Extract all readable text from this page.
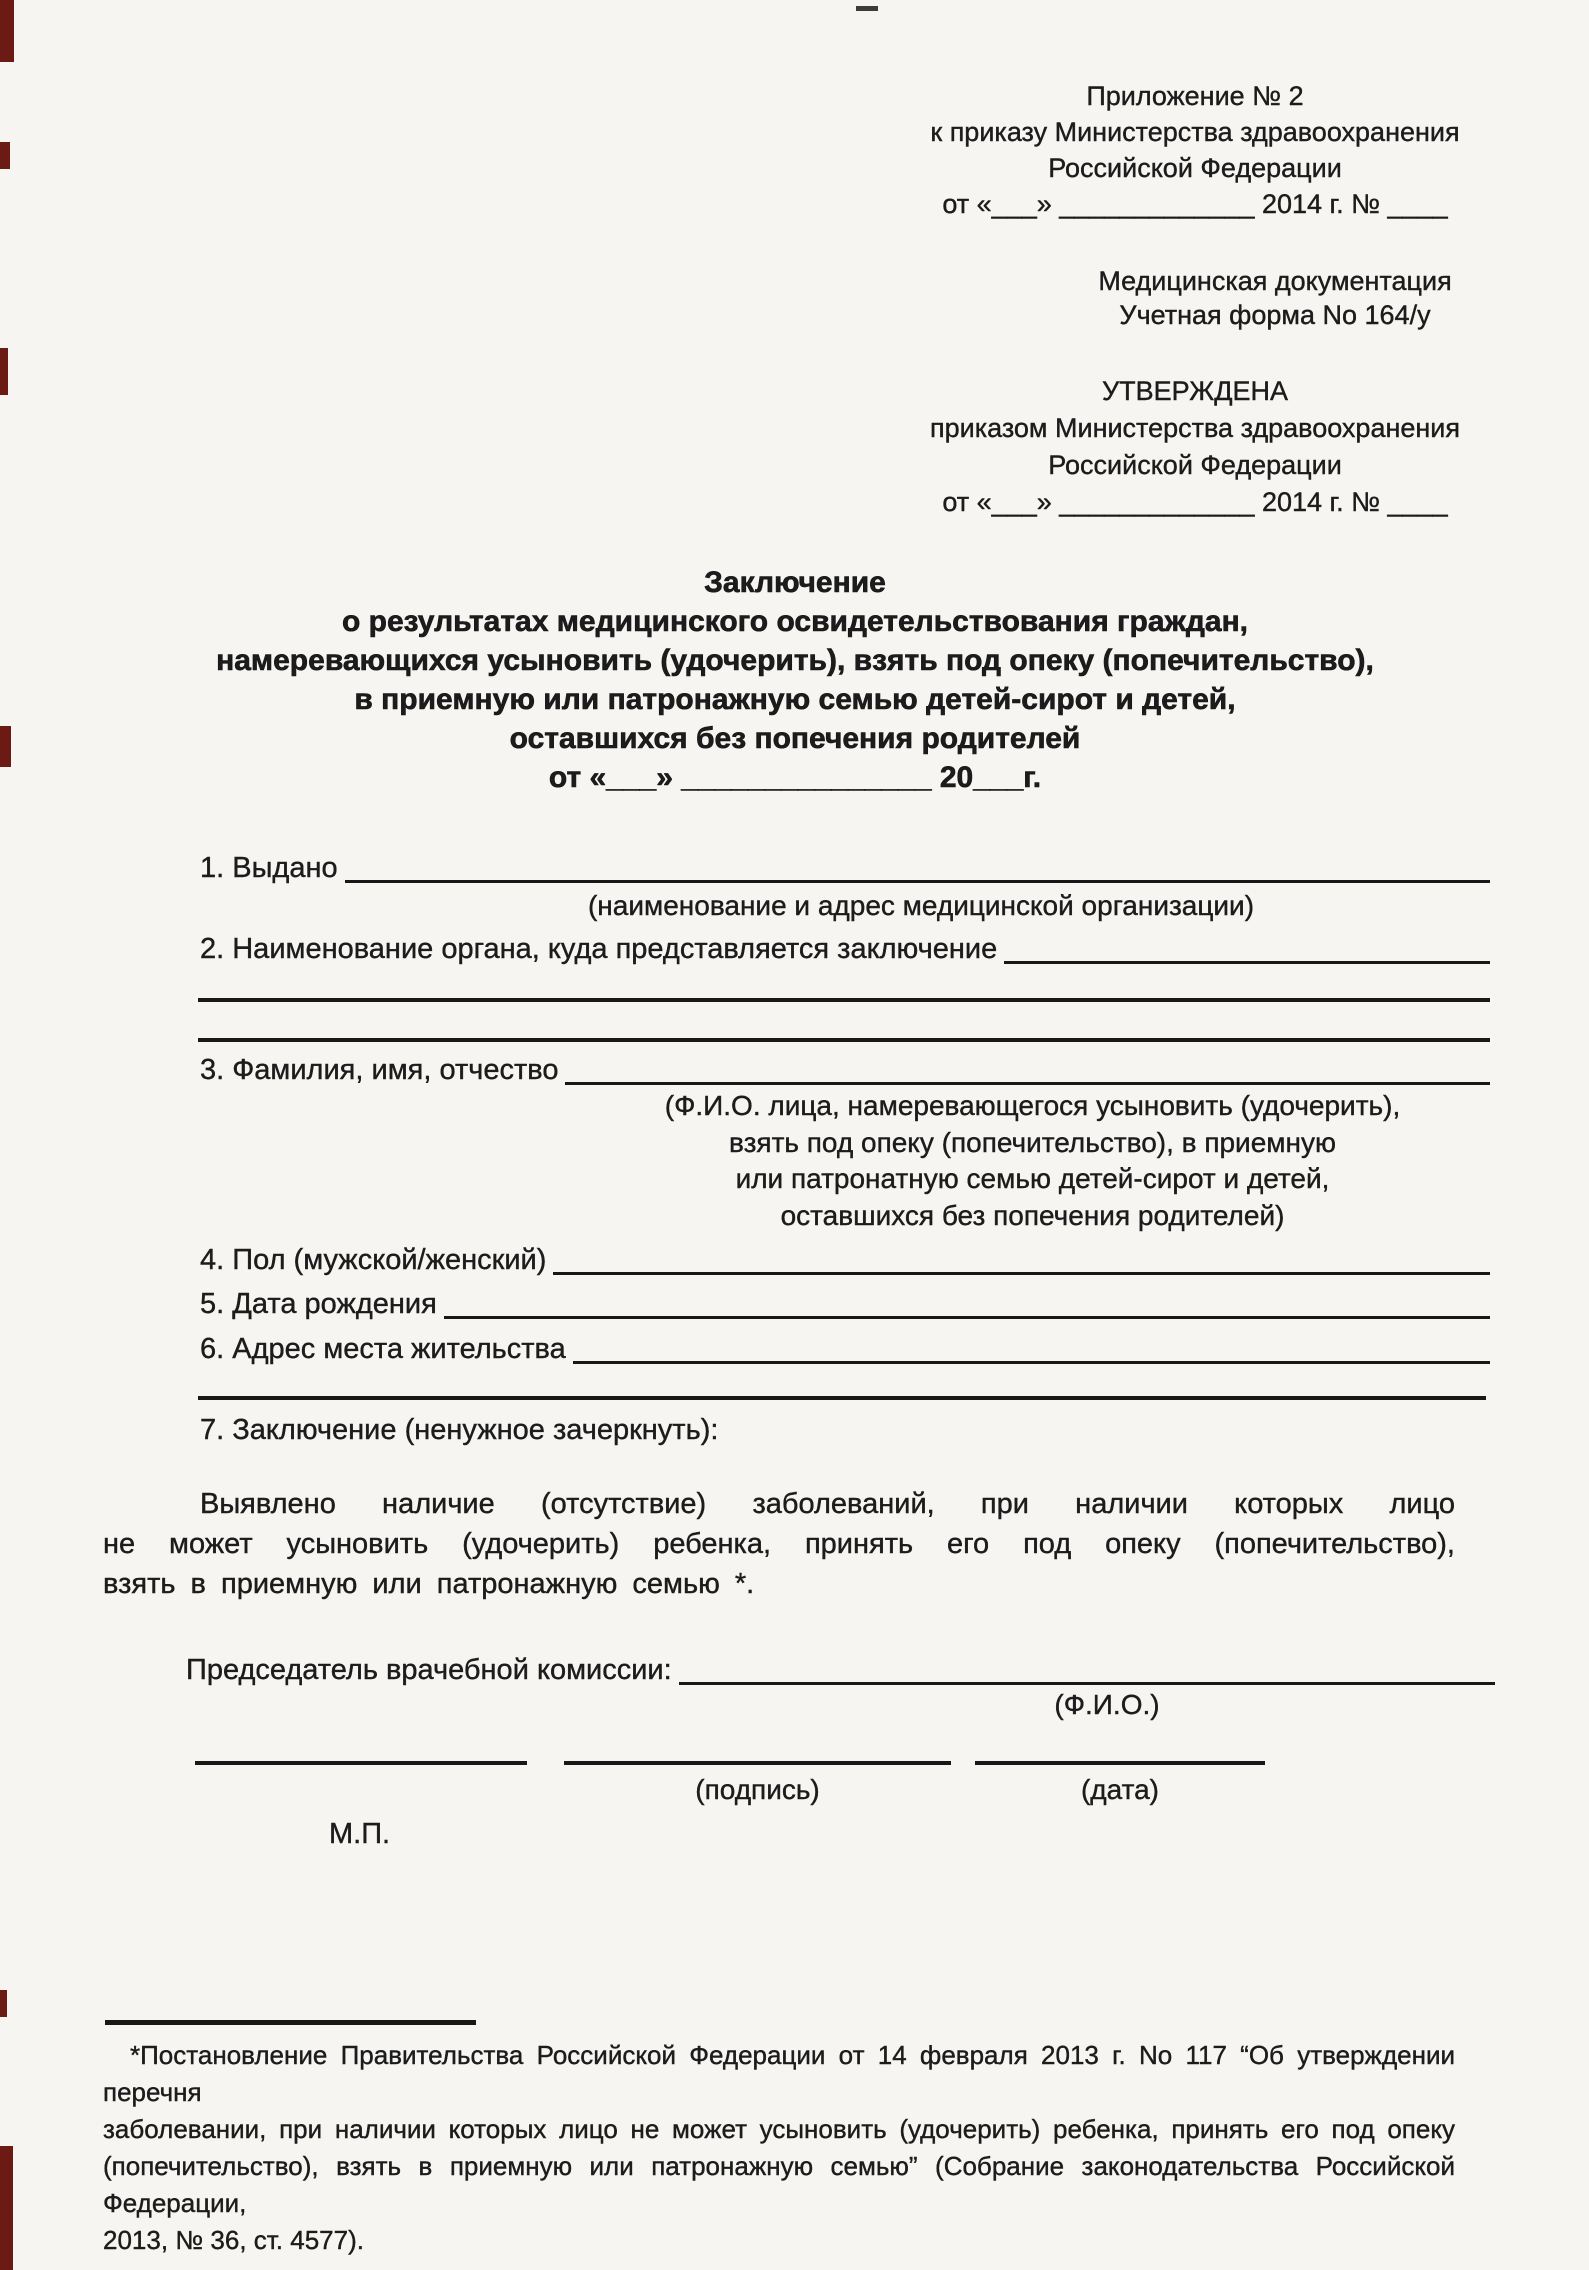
Приложение № 2
к приказу Министерства здравоохранения
Российской Федерации
от «___» _____________ 2014 г. № ____
Медицинская документация
Учетная форма No 164/у
УТВЕРЖДЕНА
приказом Министерства здравоохранения
Российской Федерации
от «___» _____________ 2014 г. № ____
Заключение
о результатах медицинского освидетельствования граждан,
намеревающихся усыновить (удочерить), взять под опеку (попечительство),
в приемную или патронажную семью детей-сирот и детей,
оставшихся без попечения родителей
от «___» _______________ 20___г.
1. Выдано
(наименование и адрес медицинской организации)
2. Наименование органа, куда представляется заключение
3. Фамилия, имя, отчество
(Ф.И.О. лица, намеревающегося усыновить (удочерить),
взять под опеку (попечительство), в приемную
или патронатную семью детей-сирот и детей,
оставшихся без попечения родителей)
4. Пол (мужской/женский)
5. Дата рождения
6. Адрес места жительства
7. Заключение (ненужное зачеркнуть):
Выявлено наличие (отсутствие) заболеваний, при наличии которых лицо
не может усыновить (удочерить) ребенка, принять его под опеку (попечительство),
взять в приемную или патронажную семью *.
Председатель врачебной комиссии:
(Ф.И.О.)
(подпись)	(дата)
М.П.
*Постановление Правительства Российской Федерации от 14 февраля 2013 г. No 117 “Об утверждении перечня
заболевании, при наличии которых лицо не может усыновить (удочерить) ребенка, принять его под опеку
(попечительство), взять в приемную или патронажную семью” (Собрание законодательства Российской Федерации,
2013, № 36, ст. 4577).
